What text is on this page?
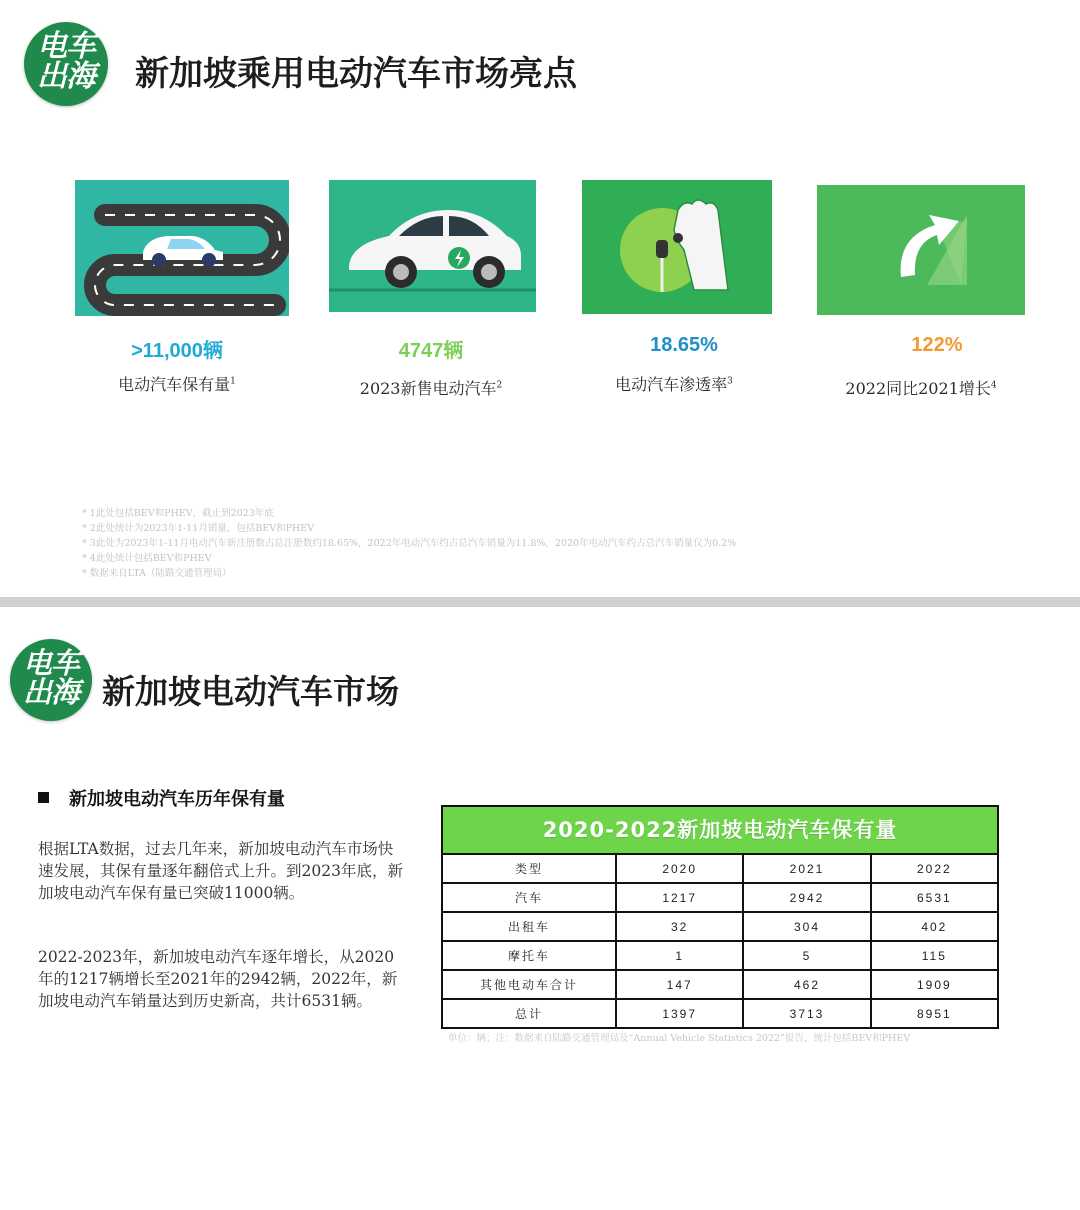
电车
出海	新加坡乘用电动汽车市场亮点
>11,000辆
电动汽车保有量$^1$
4747辆
2023新售电动汽车$^2$
18.65%
电动汽车渗透率$^3$
122%
2022同比2021增长$^4$
* 1此处包括BEV和PHEV，截止到2023年底
* 2此处统计为2023年1-11月销量，包括BEV和PHEV
* 3此处为2023年1-11月电动汽车新注册数占总注册数约18.65%，2022年电动汽车约占总汽车销量为11.8%，2020年电动汽车约占总汽车销量仅为0.2%
* 4此处统计包括BEV和PHEV
* 数据来自LTA（陆路交通管理局）
电车
出海 新加坡电动汽车市场
新加坡电动汽车历年保有量
根据LTA数据，过去几年来，新加坡电动汽车市场快速发展，其保有量逐年翻倍式上升。到2023年底，新加坡电动汽车保有量已突破11000辆。
2022-2023年，新加坡电动汽车逐年增长，从2020年的1217辆增长至2021年的2942辆，2022年，新加坡电动汽车销量达到历史新高，共计6531辆。
2020-2022新加坡电动汽车保有量
类型	2020	2021	2022
汽车	1217	2942	6531
出租车	32	304	402
摩托车	1	5	115
其他电动车合计	147	462	1909
总计	1397	3713	8951
单位：辆；注：数据来自陆路交通管理局及“Annual Vehicle Statistics 2022”报告，统计包括BEV和PHEV
